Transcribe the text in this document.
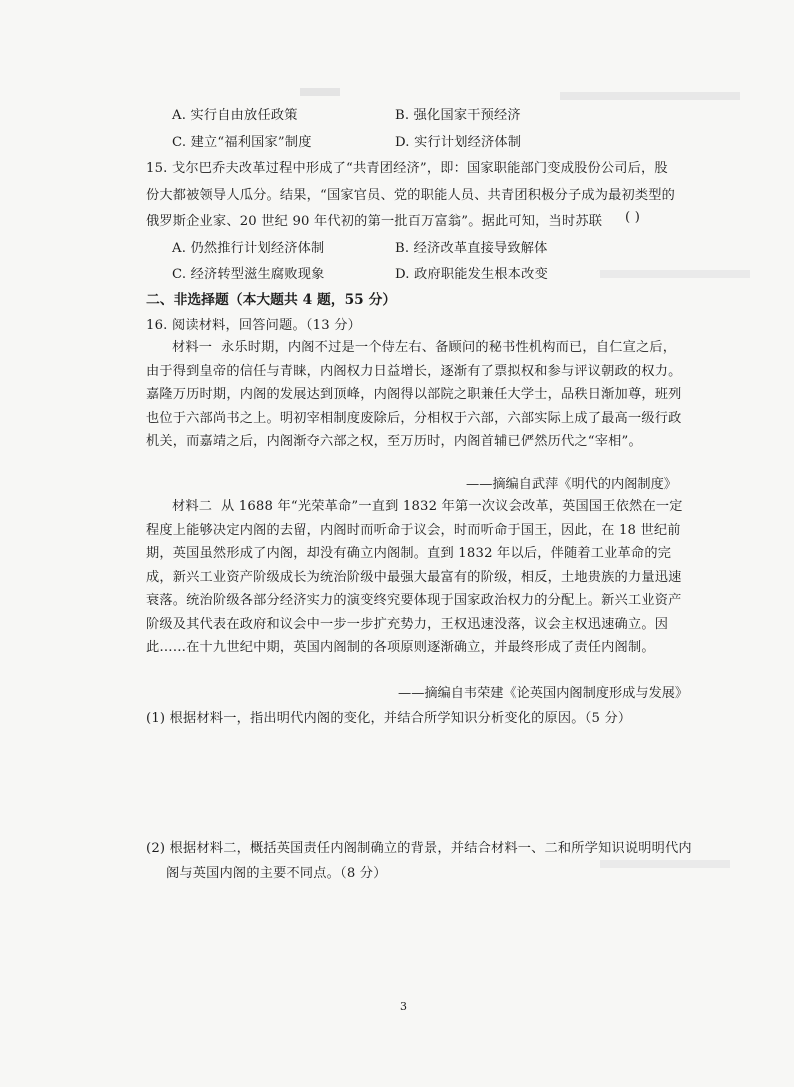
A. 实行自由放任政策	B. 强化国家干预经济
C. 建立“福利国家”制度	D. 实行计划经济体制
15. 戈尔巴乔夫改革过程中形成了“共青团经济”，即：国家职能部门变成股份公司后，股
份大都被领导人瓜分。结果，“国家官员、党的职能人员、共青团积极分子成为最初类型的
俄罗斯企业家、20 世纪 90 年代初的第一批百万富翁”。据此可知，当时苏联 ( )
A. 仍然推行计划经济体制	B. 经济改革直接导致解体
C. 经济转型滋生腐败现象	D. 政府职能发生根本改变
二、非选择题（本大题共 4 题，55 分）
16. 阅读材料，回答问题。（13 分）
材料一 永乐时期，内阁不过是一个侍左右、备顾问的秘书性机构而已，自仁宣之后，由于得到皇帝的信任与青睐，内阁权力日益增长，逐渐有了票拟权和参与评议朝政的权力。嘉隆万历时期，内阁的发展达到顶峰，内阁得以部院之职兼任大学士，品秩日渐加尊，班列也位于六部尚书之上。明初宰相制度废除后，分相权于六部，六部实际上成了最高一级行政机关，而嘉靖之后，内阁渐夺六部之权，至万历时，内阁首辅已俨然历代之“宰相”。
——摘编自武萍《明代的内阁制度》
材料二 从 1688 年“光荣革命”一直到 1832 年第一次议会改革，英国国王依然在一定程度上能够决定内阁的去留，内阁时而听命于议会，时而听命于国王，因此，在 18 世纪前期，英国虽然形成了内阁，却没有确立内阁制。直到 1832 年以后，伴随着工业革命的完成，新兴工业资产阶级成长为统治阶级中最强大最富有的阶级，相反，土地贵族的力量迅速衰落。统治阶级各部分经济实力的演变终究要体现于国家政治权力的分配上。新兴工业资产阶级及其代表在政府和议会中一步一步扩充势力，王权迅速没落，议会主权迅速确立。因此……在十九世纪中期，英国内阁制的各项原则逐渐确立，并最终形成了责任内阁制。
——摘编自韦荣建《论英国内阁制度形成与发展》
(1) 根据材料一，指出明代内阁的变化，并结合所学知识分析变化的原因。（5 分）
(2) 根据材料二，概括英国责任内阁制确立的背景，并结合材料一、二和所学知识说明明代内
阁与英国内阁的主要不同点。（8 分）
3
